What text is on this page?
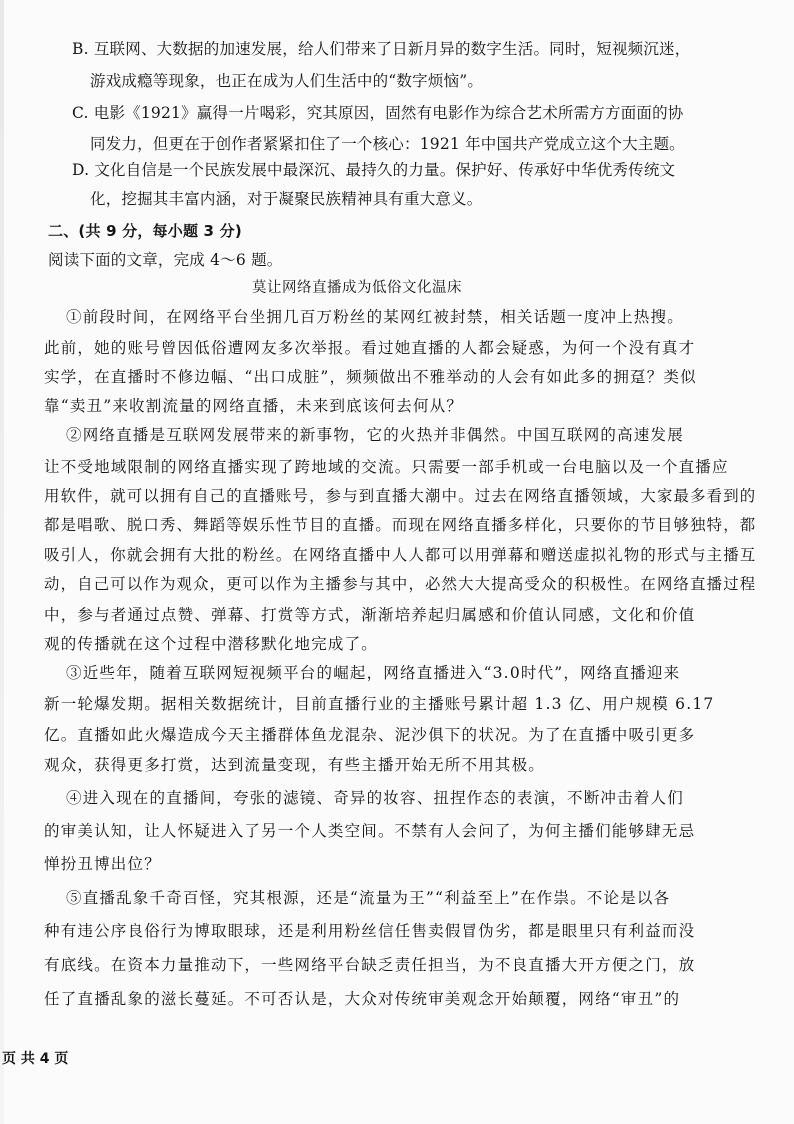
B. 互联网、大数据的加速发展，给人们带来了日新月异的数字生活。同时，短视频沉迷，
游戏成瘾等现象，也正在成为人们生活中的“数字烦恼”。
C. 电影《1921》赢得一片喝彩，究其原因，固然有电影作为综合艺术所需方方面面的协
同发力，但更在于创作者紧紧扣住了一个核心：1921 年中国共产党成立这个大主题。
D. 文化自信是一个民族发展中最深沉、最持久的力量。保护好、传承好中华优秀传统文
化，挖掘其丰富内涵，对于凝聚民族精神具有重大意义。
二、(共 9 分，每小题 3 分)
阅读下面的文章，完成 4～6 题。
莫让网络直播成为低俗文化温床
①前段时间，在网络平台坐拥几百万粉丝的某网红被封禁，相关话题一度冲上热搜。
此前，她的账号曾因低俗遭网友多次举报。看过她直播的人都会疑惑，为何一个没有真才
实学，在直播时不修边幅、“出口成脏”，频频做出不雅举动的人会有如此多的拥趸？类似
靠“卖丑”来收割流量的网络直播，未来到底该何去何从？
②网络直播是互联网发展带来的新事物，它的火热并非偶然。中国互联网的高速发展
让不受地域限制的网络直播实现了跨地域的交流。只需要一部手机或一台电脑以及一个直播应
用软件，就可以拥有自己的直播账号，参与到直播大潮中。过去在网络直播领域，大家最多看到的
都是唱歌、脱口秀、舞蹈等娱乐性节目的直播。而现在网络直播多样化，只要你的节目够独特，都
吸引人，你就会拥有大批的粉丝。在网络直播中人人都可以用弹幕和赠送虚拟礼物的形式与主播互
动，自己可以作为观众，更可以作为主播参与其中，必然大大提高受众的积极性。在网络直播过程
中，参与者通过点赞、弹幕、打赏等方式，渐渐培养起归属感和价值认同感，文化和价值
观的传播就在这个过程中潜移默化地完成了。
③近些年，随着互联网短视频平台的崛起，网络直播进入“3.0时代”，网络直播迎来
新一轮爆发期。据相关数据统计，目前直播行业的主播账号累计超 1.3 亿、用户规模 6.17
亿。直播如此火爆造成今天主播群体鱼龙混杂、泥沙俱下的状况。为了在直播中吸引更多
观众，获得更多打赏，达到流量变现，有些主播开始无所不用其极。
④进入现在的直播间，夸张的滤镜、奇异的妆容、扭捏作态的表演，不断冲击着人们
的审美认知，让人怀疑进入了另一个人类空间。不禁有人会问了，为何主播们能够肆无忌
惮扮丑博出位？
⑤直播乱象千奇百怪，究其根源，还是“流量为王”“利益至上”在作祟。不论是以各
种有违公序良俗行为博取眼球，还是利用粉丝信任售卖假冒伪劣，都是眼里只有利益而没
有底线。在资本力量推动下，一些网络平台缺乏责任担当，为不良直播大开方便之门，放
任了直播乱象的滋长蔓延。不可否认是，大众对传统审美观念开始颠覆，网络“审丑”的
页 共 4 页
